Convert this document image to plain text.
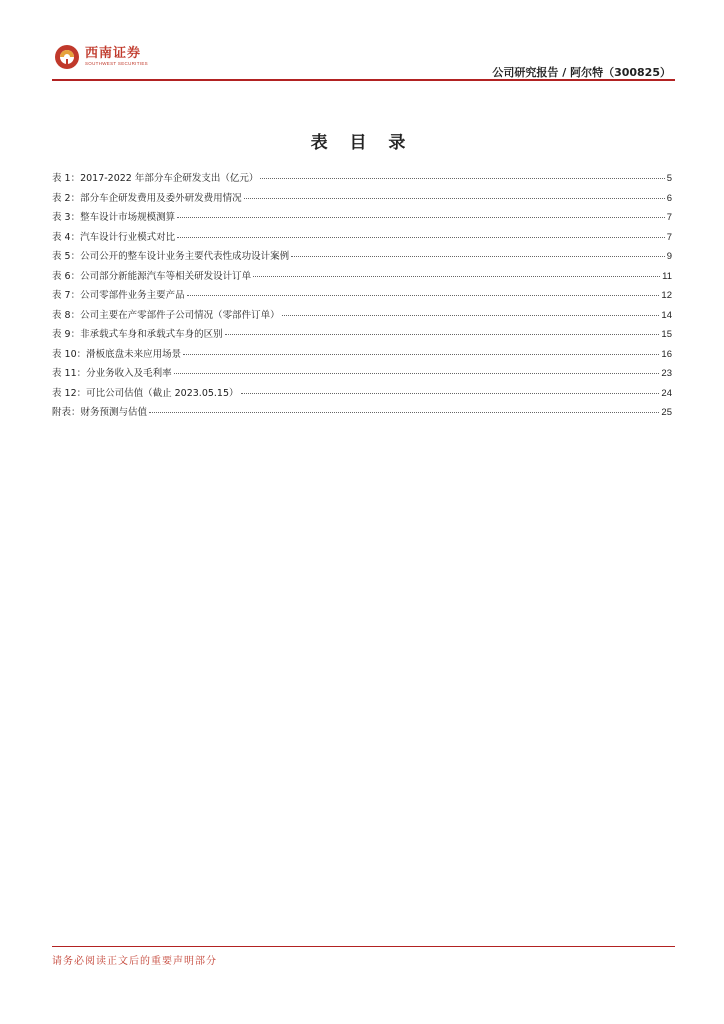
西南证券
SOUTHWEST SECURITIES
公司研究报告 / 阿尔特（300825）
表 目 录
表 1：2017-2022 年部分车企研发支出（亿元）	5
表 2：部分车企研发费用及委外研发费用情况	6
表 3：整车设计市场规模测算	7
表 4：汽车设计行业模式对比	7
表 5：公司公开的整车设计业务主要代表性成功设计案例	9
表 6：公司部分新能源汽车等相关研发设计订单	11
表 7：公司零部件业务主要产品	12
表 8：公司主要在产零部件子公司情况（零部件订单）	14
表 9：非承载式车身和承载式车身的区别	15
表 10：滑板底盘未来应用场景	16
表 11：分业务收入及毛利率	23
表 12：可比公司估值（截止 2023.05.15）	24
附表：财务预测与估值	25
请务必阅读正文后的重要声明部分
